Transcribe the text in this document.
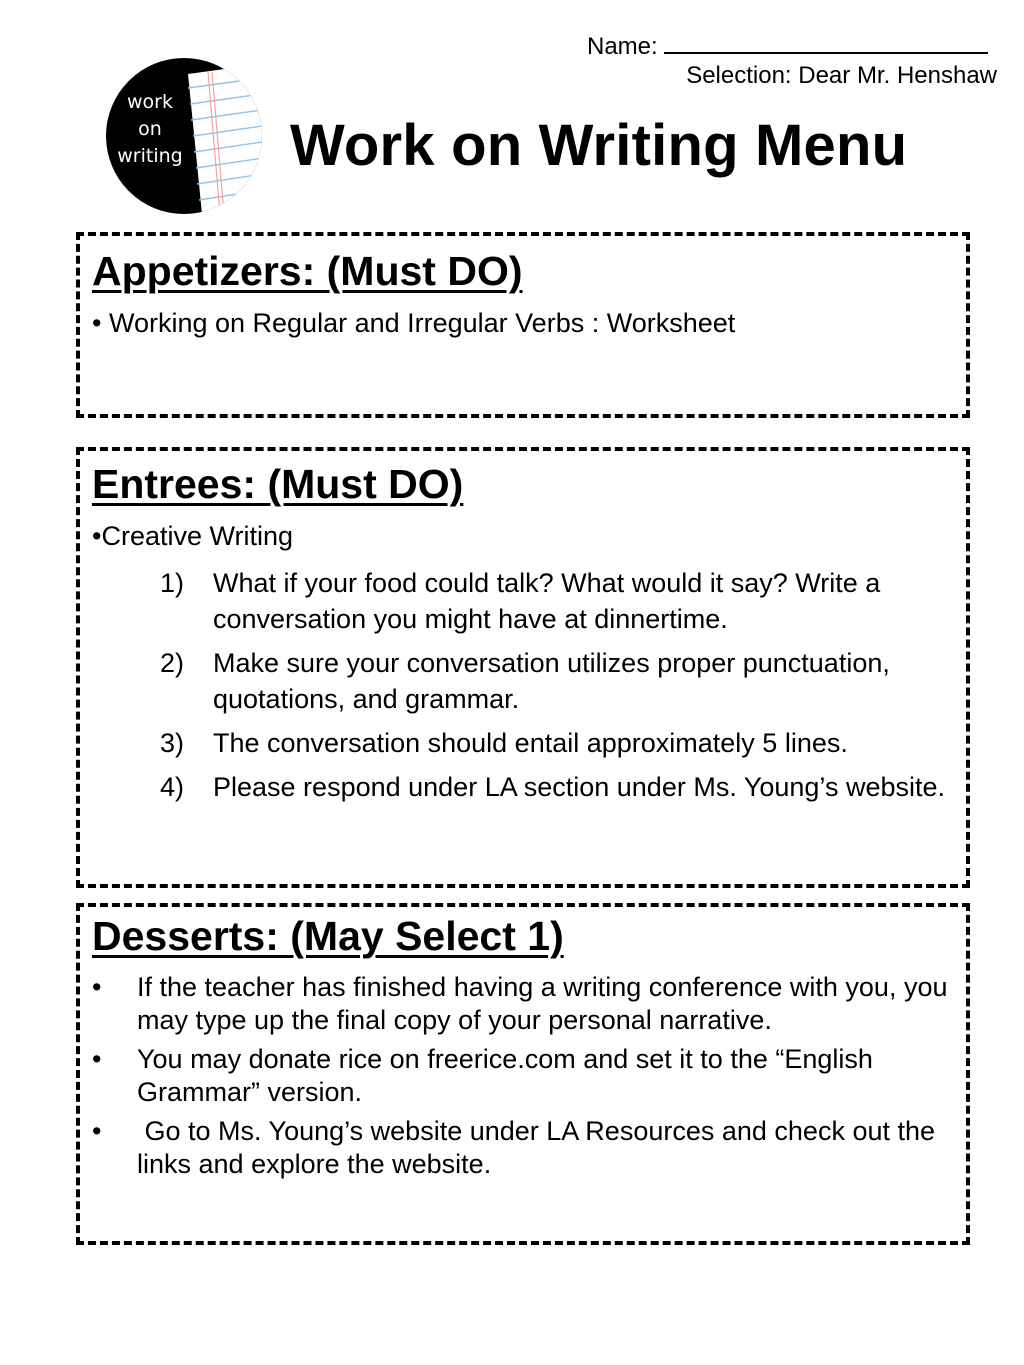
Name:
Selection: Dear Mr. Henshaw
work
on
writing Work on Writing Menu
Appetizers: (Must DO)
• Working on Regular and Irregular Verbs : Worksheet
Entrees: (Must DO)
•Creative Writing
1) What if your food could talk? What would it say? Write a conversation you might have at dinnertime.
2) Make sure your conversation utilizes proper punctuation, quotations, and grammar.
3) The conversation should entail approximately 5 lines.
4) Please respond under LA section under Ms. Young’s website.
Desserts: (May Select 1)
• If the teacher has finished having a writing conference with you, you may type up the final copy of your personal narrative.
• You may donate rice on freerice.com and set it to the “English Grammar” version.
• Go to Ms. Young’s website under LA Resources and check out the links and explore the website.
